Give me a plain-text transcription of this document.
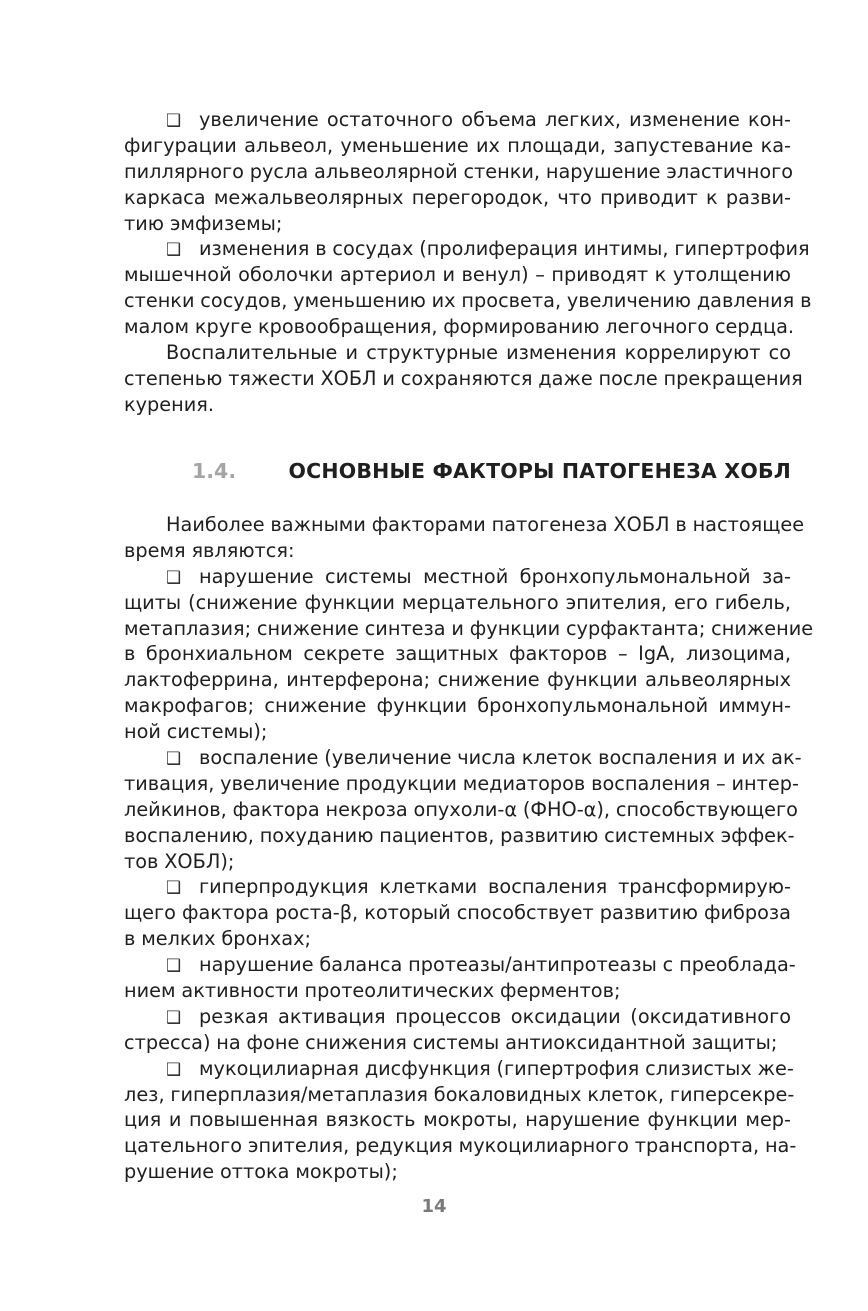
❑ увеличение остаточного объема легких, изменение кон-
фигурации альвеол, уменьшение их площади, запустевание ка-
пиллярного русла альвеолярной стенки, нарушение эластичного
каркаса межальвеолярных перегородок, что приводит к разви-
тию эмфиземы;
❑ изменения в сосудах (пролиферация интимы, гипертрофия
мышечной оболочки артериол и венул) – приводят к утолщению
стенки сосудов, уменьшению их просвета, увеличению давления в
малом круге кровообращения, формированию легочного сердца.
Воспалительные и структурные изменения коррелируют со
степенью тяжести ХОБЛ и сохраняются даже после прекращения
курения.
1.4.	ОСНОВНЫЕ ФАКТОРЫ ПАТОГЕНЕЗА ХОБЛ
Наиболее важными факторами патогенеза ХОБЛ в настоящее
время являются:
❑ нарушение системы местной бронхопульмональной за-
щиты (снижение функции мерцательного эпителия, его гибель,
метаплазия; снижение синтеза и функции сурфактанта; снижение
в бронхиальном секрете защитных факторов – IgA, лизоцима,
лактоферрина, интерферона; снижение функции альвеолярных
макрофагов; снижение функции бронхопульмональной иммун-
ной системы);
❑ воспаление (увеличение числа клеток воспаления и их ак-
тивация, увеличение продукции медиаторов воспаления – интер-
лейкинов, фактора некроза опухоли-α (ФНО-α), способствующего
воспалению, похуданию пациентов, развитию системных эффек-
тов ХОБЛ);
❑ гиперпродукция клетками воспаления трансформирую-
щего фактора роста-β, который способствует развитию фиброза
в мелких бронхах;
❑ нарушение баланса протеазы/антипротеазы с преоблада-
нием активности протеолитических ферментов;
❑ резкая активация процессов оксидации (оксидативного
стресса) на фоне снижения системы антиоксидантной защиты;
❑ мукоцилиарная дисфункция (гипертрофия слизистых же-
лез, гиперплазия/метаплазия бокаловидных клеток, гиперсекре-
ция и повышенная вязкость мокроты, нарушение функции мер-
цательного эпителия, редукция мукоцилиарного транспорта, на-
рушение оттока мокроты);
14
